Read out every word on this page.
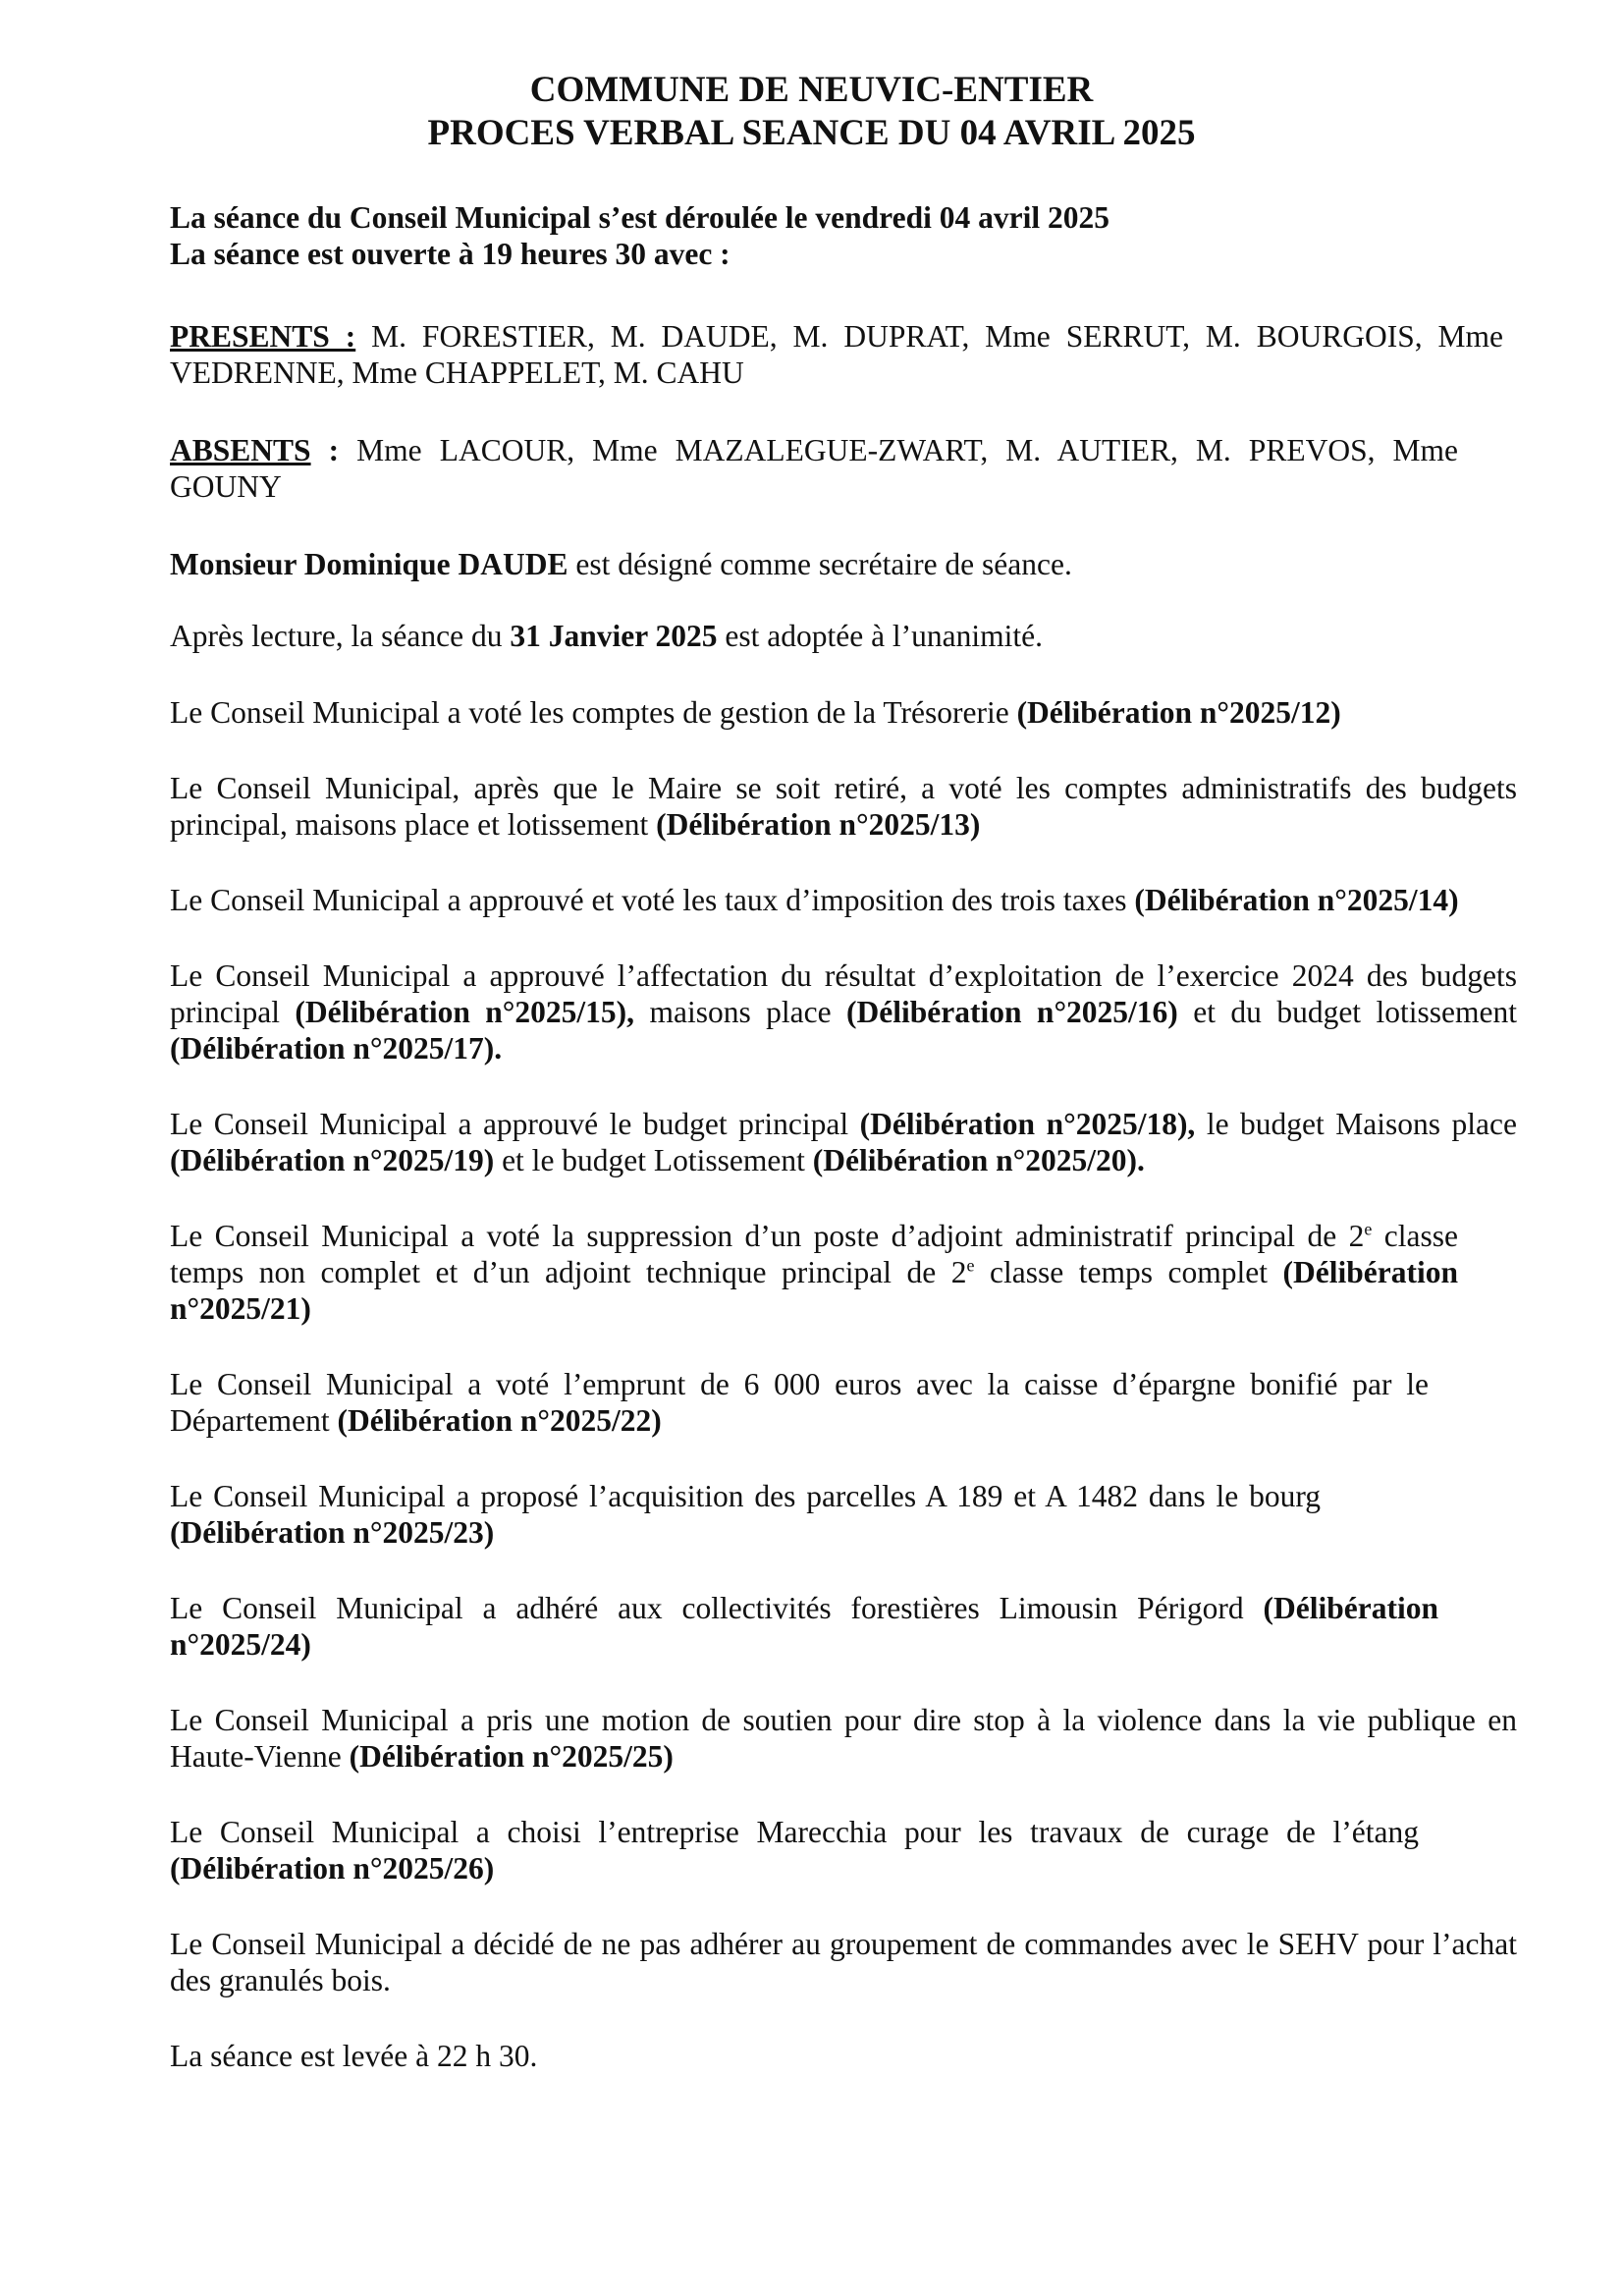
COMMUNE DE NEUVIC-ENTIER
PROCES VERBAL SEANCE DU 04 AVRIL 2025
La séance du Conseil Municipal s’est déroulée le vendredi 04 avril 2025
La séance est ouverte à 19 heures 30 avec :

PRESENTS : M. FORESTIER, M. DAUDE, M. DUPRAT, Mme SERRUT, M. BOURGOIS, Mme VEDRENNE, Mme CHAPPELET, M. CAHU

ABSENTS : Mme LACOUR, Mme MAZALEGUE-ZWART, M. AUTIER, M. PREVOS, Mme GOUNY

Monsieur Dominique DAUDE est désigné comme secrétaire de séance.

Après lecture, la séance du 31 Janvier 2025 est adoptée à l’unanimité.

Le Conseil Municipal a voté les comptes de gestion de la Trésorerie (Délibération n°2025/12)

Le Conseil Municipal, après que le Maire se soit retiré, a voté les comptes administratifs des budgets principal, maisons place et lotissement (Délibération n°2025/13)

Le Conseil Municipal a approuvé et voté les taux d’imposition des trois taxes (Délibération n°2025/14)

Le Conseil Municipal a approuvé l’affectation du résultat d’exploitation de l’exercice 2024 des budgets principal (Délibération n°2025/15), maisons place (Délibération n°2025/16) et du budget lotissement (Délibération n°2025/17).

Le Conseil Municipal a approuvé le budget principal (Délibération n°2025/18), le budget Maisons place (Délibération n°2025/19) et le budget Lotissement (Délibération n°2025/20).

Le Conseil Municipal a voté la suppression d’un poste d’adjoint administratif principal de 2e classe temps non complet et d’un adjoint technique principal de 2e classe temps complet (Délibération n°2025/21)

Le Conseil Municipal a voté l’emprunt de 6 000 euros avec la caisse d’épargne bonifié par le Département (Délibération n°2025/22)

Le Conseil Municipal a proposé l’acquisition des parcelles A 189 et A 1482 dans le bourg (Délibération n°2025/23)

Le Conseil Municipal a adhéré aux collectivités forestières Limousin Périgord (Délibération n°2025/24)

Le Conseil Municipal a pris une motion de soutien pour dire stop à la violence dans la vie publique en Haute-Vienne (Délibération n°2025/25)

Le Conseil Municipal a choisi l’entreprise Marecchia pour les travaux de curage de l’étang (Délibération n°2025/26)

Le Conseil Municipal a décidé de ne pas adhérer au groupement de commandes avec le SEHV pour l’achat des granulés bois.

La séance est levée à 22 h 30.
